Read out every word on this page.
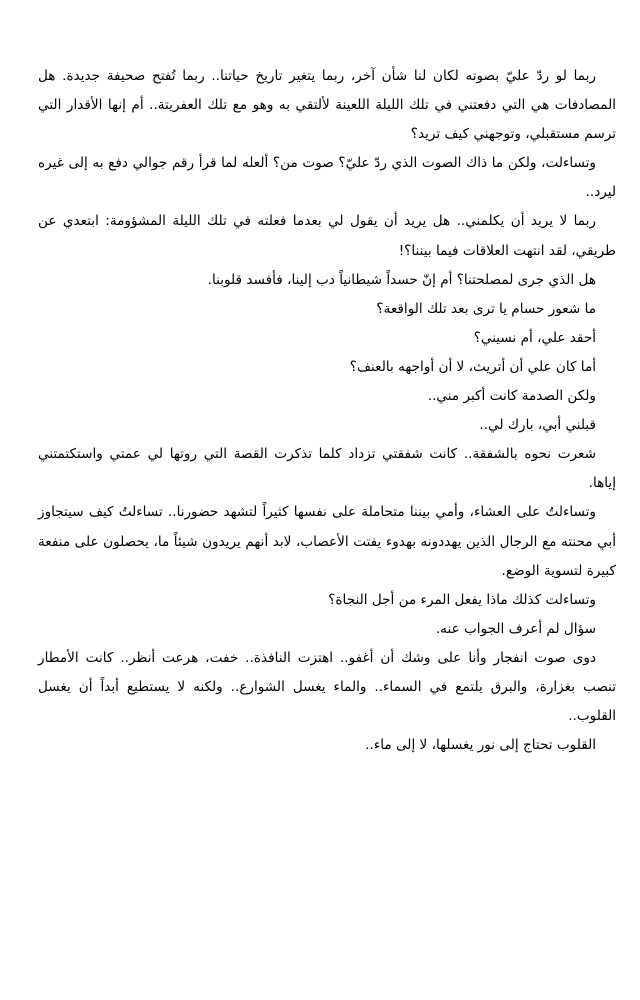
ربما لو ردّ عليّ بصوته لكان لنا شأن آخر، ربما يتغير تاريخ حياتنا.. ربما تُفتح صحيفة جديدة. هل المصادفات هي التي دفعتني في تلك الليلة اللعينة لألتقي به وهو مع تلك العفريتة.. أم إنها الأقدار التي ترسم مستقبلي، وتوجهني كيف تريد؟

وتساءلت، ولكن ما ذاك الصوت الذي ردّ عليّ؟ صوت من؟ ألعله لما قرأ رقم جوالي دفع به إلى غيره ليرد..

ربما لا يريد أن يكلمني.. هل يريد أن يقول لي بعدما فعلته في تلك الليلة المشؤومة: ابتعدي عن طريقي، لقد انتهت العلاقات فيما بيننا؟!

هل الذي جرى لمصلحتنا؟ أم إنّ حسداً شيطانياً دب إلينا، فأفسد قلوبنا.

ما شعور حسام يا ترى بعد تلك الواقعة؟

أحقد علي، أم نسيني؟

أما كان علي أن أتريث، لا أن أواجهه بالعنف؟

ولكن الصدمة كانت أكبر مني..

قبلني أبي، بارك لي..

شعرت نحوه بالشفقة.. كانت شفقتي تزداد كلما تذكرت القصة التي روتها لي عمتي واستكتمتني إياها.

وتساءلتُ على العشاء، وأمي بيننا متحاملة على نفسها كثيراً لتشهد حضورنا.. تساءلتُ كيف سيتجاوز أبي محنته مع الرجال الذين يهددونه بهدوء يفتت الأعصاب، لابد أنهم يريدون شيئاً ما، يحصلون على منفعة كبيرة لتسوية الوضع.

وتساءلت كذلك ماذا يفعل المرء من أجل النجاة؟

سؤال لم أعرف الجواب عنه.

دوى صوت انفجار وأنا على وشك أن أغفو.. اهتزت النافذة.. خفت، هرعت أنظر.. كانت الأمطار تنصب بغزارة، والبرق يلتمع في السماء.. والماء يغسل الشوارع.. ولكنه لا يستطيع أبداً أن يغسل القلوب..

القلوب تحتاج إلى نور يغسلها، لا إلى ماء..
